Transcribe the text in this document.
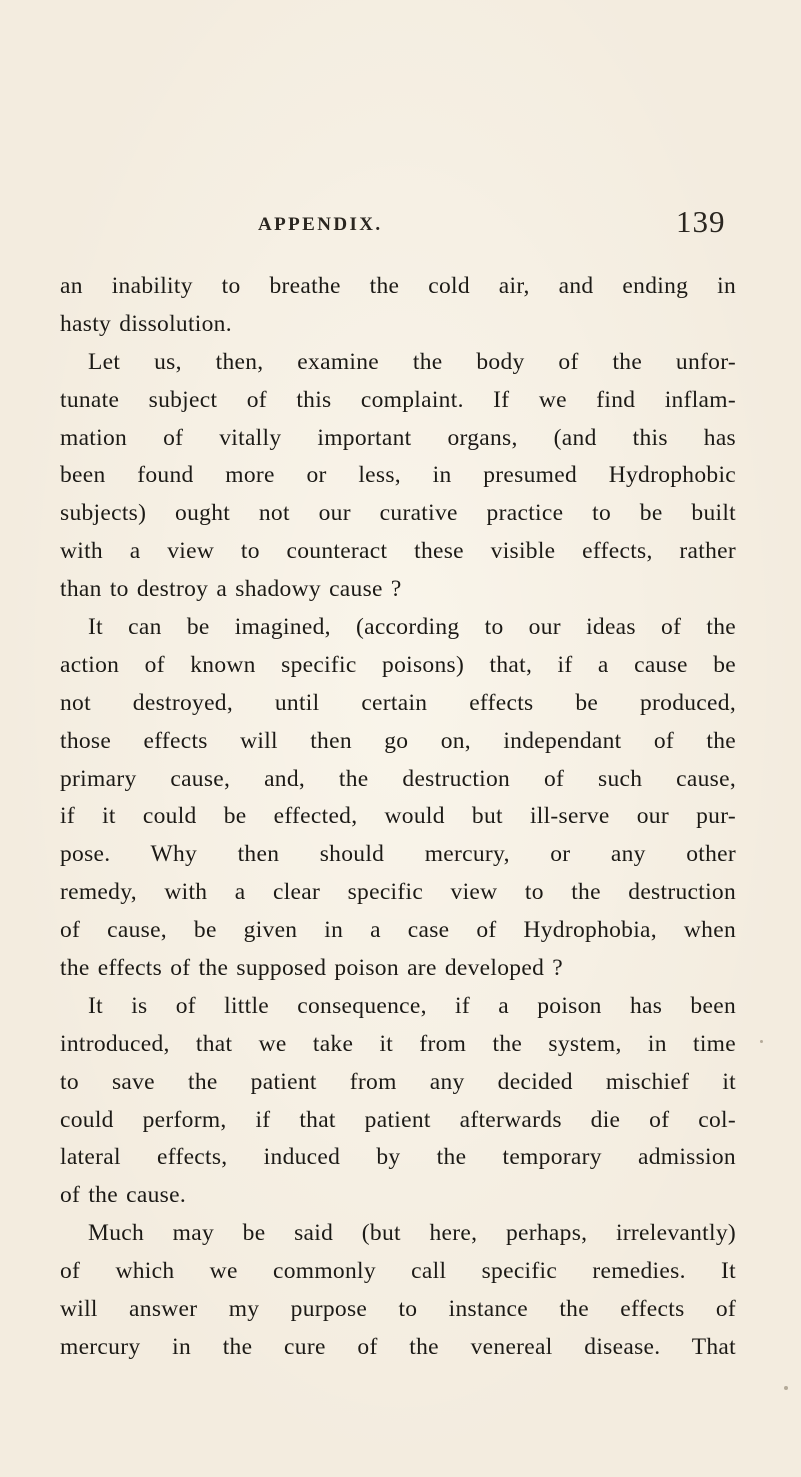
APPENDIX.	139
an inability to breathe the cold air, and ending in
hasty dissolution.
Let us, then, examine the body of the unfor-
tunate subject of this complaint. If we find inflam-
mation of vitally important organs, (and this has
been found more or less, in presumed Hydrophobic
subjects) ought not our curative practice to be built
with a view to counteract these visible effects, rather
than to destroy a shadowy cause ?
It can be imagined, (according to our ideas of the
action of known specific poisons) that, if a cause be
not destroyed, until certain effects be produced,
those effects will then go on, independant of the
primary cause, and, the destruction of such cause,
if it could be effected, would but ill-serve our pur-
pose. Why then should mercury, or any other
remedy, with a clear specific view to the destruction
of cause, be given in a case of Hydrophobia, when
the effects of the supposed poison are developed ?
It is of little consequence, if a poison has been
introduced, that we take it from the system, in time
to save the patient from any decided mischief it
could perform, if that patient afterwards die of col-
lateral effects, induced by the temporary admission
of the cause.
Much may be said (but here, perhaps, irrelevantly)
of which we commonly call specific remedies. It
will answer my purpose to instance the effects of
mercury in the cure of the venereal disease. That
